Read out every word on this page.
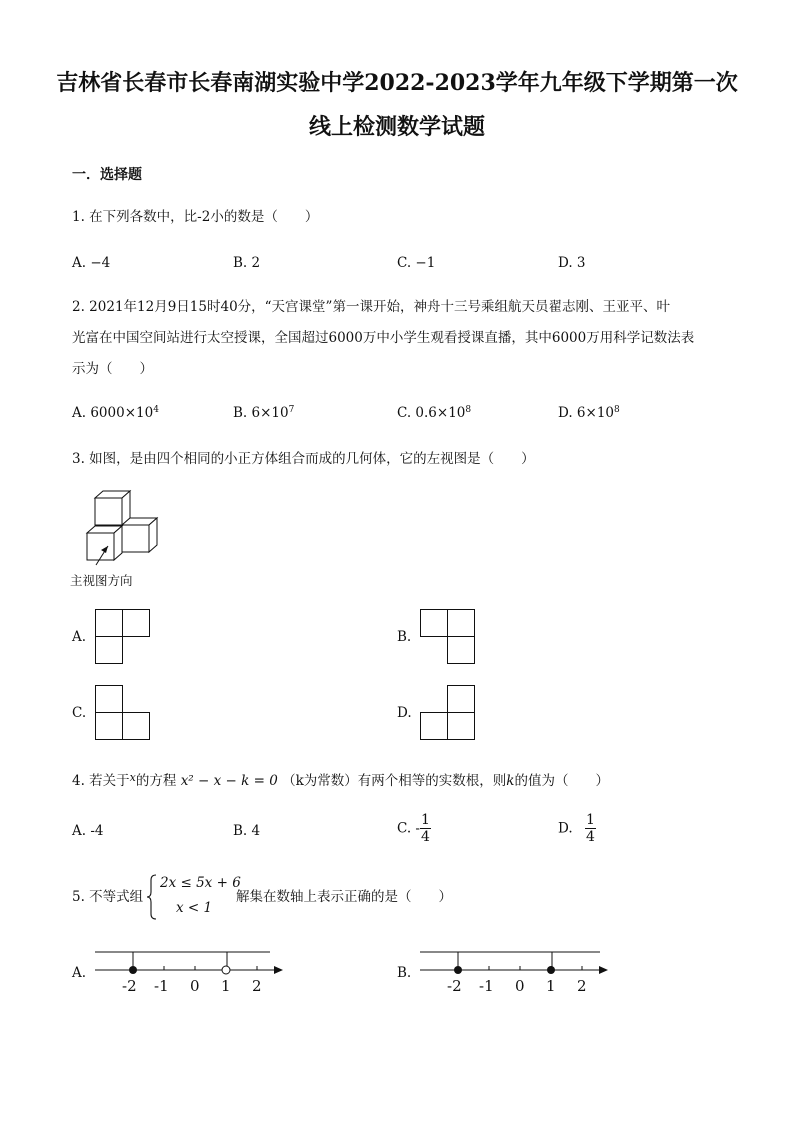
吉林省长春市长春南湖实验中学2022-2023学年九年级下学期第一次
线上检测数学试题
一．选择题
1. 在下列各数中，比-2小的数是（　　）
A. −4	B. 2	C. −1	D. 3
2. 2021年12月9日15时40分，“天宫课堂”第一课开始，神舟十三号乘组航天员翟志刚、王亚平、叶
光富在中国空间站进行太空授课，全国超过6000万中小学生观看授课直播，其中6000万用科学记数法表
示为（　　）
A. $6000\times 10^4$	B. $6\times 10^7$	C. $0.6\times 10^8$	D. $6\times 10^8$
3. 如图，是由四个相同的小正方体组合而成的几何体，它的左视图是（　　）
主视图方向
A.	B.
C.	D.
4. 若关于$^x$的方程 x² − x − k = 0 （k为常数）有两个相等的实数根，则k的值为（　　）
A. -4	B. 4	C. - $\frac{1}{4}$	D. $\frac{1}{4}$
5. 不等式组
2x ≤ 5x + 6
x < 1
解集在数轴上表示正确的是（　　）
A.
-2 -1 0 1 2
B.
-2 -1 0 1 2
